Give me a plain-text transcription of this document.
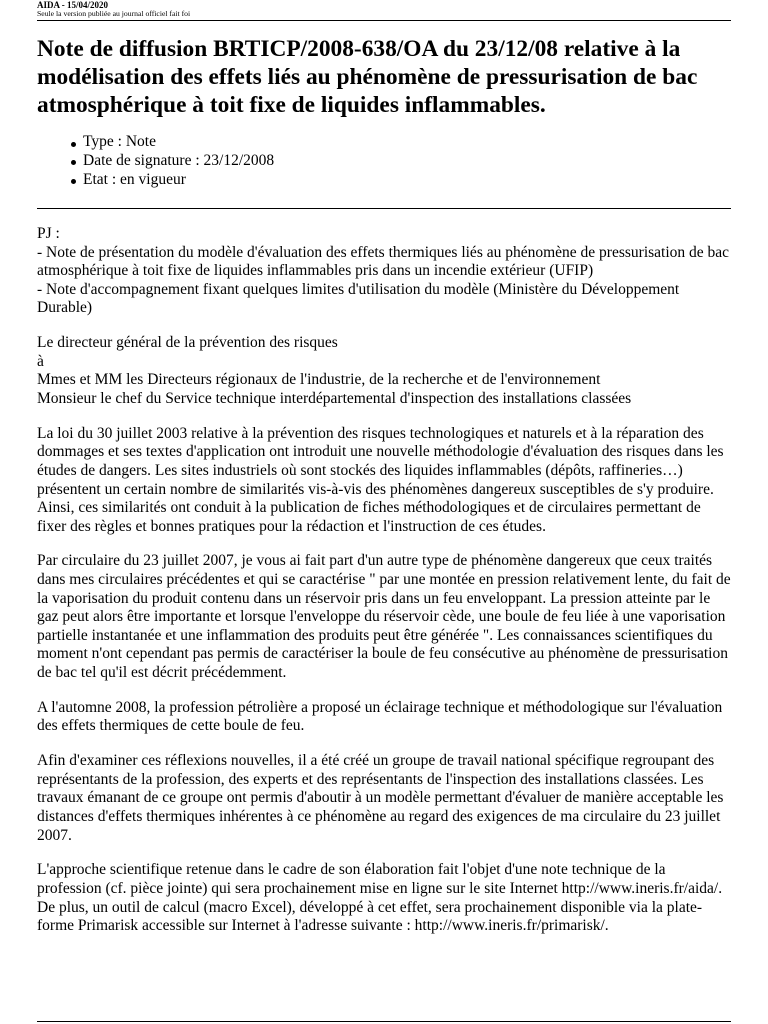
AIDA - 15/04/2020
Seule la version publiée au journal officiel fait foi
Note de diffusion BRTICP/2008-638/OA du 23/12/08 relative à la modélisation des effets liés au phénomène de pressurisation de bac atmosphérique à toit fixe de liquides inflammables.
Type : Note
Date de signature : 23/12/2008
Etat : en vigueur
PJ :
- Note de présentation du modèle d'évaluation des effets thermiques liés au phénomène de pressurisation de bac
atmosphérique à toit fixe de liquides inflammables pris dans un incendie extérieur (UFIP)
- Note d'accompagnement fixant quelques limites d'utilisation du modèle (Ministère du Développement
Durable)
Le directeur général de la prévention des risques
à
Mmes et MM les Directeurs régionaux de l'industrie, de la recherche et de l'environnement
Monsieur le chef du Service technique interdépartemental d'inspection des installations classées
La loi du 30 juillet 2003 relative à la prévention des risques technologiques et naturels et à la réparation des
dommages et ses textes d'application ont introduit une nouvelle méthodologie d'évaluation des risques dans les
études de dangers. Les sites industriels où sont stockés des liquides inflammables (dépôts, raffineries…)
présentent un certain nombre de similarités vis-à-vis des phénomènes dangereux susceptibles de s'y produire.
Ainsi, ces similarités ont conduit à la publication de fiches méthodologiques et de circulaires permettant de
fixer des règles et bonnes pratiques pour la rédaction et l'instruction de ces études.
Par circulaire du 23 juillet 2007, je vous ai fait part d'un autre type de phénomène dangereux que ceux traités
dans mes circulaires précédentes et qui se caractérise " par une montée en pression relativement lente, du fait de
la vaporisation du produit contenu dans un réservoir pris dans un feu enveloppant. La pression atteinte par le
gaz peut alors être importante et lorsque l'enveloppe du réservoir cède, une boule de feu liée à une vaporisation
partielle instantanée et une inflammation des produits peut être générée ". Les connaissances scientifiques du
moment n'ont cependant pas permis de caractériser la boule de feu consécutive au phénomène de pressurisation
de bac tel qu'il est décrit précédemment.
A l'automne 2008, la profession pétrolière a proposé un éclairage technique et méthodologique sur l'évaluation
des effets thermiques de cette boule de feu.
Afin d'examiner ces réflexions nouvelles, il a été créé un groupe de travail national spécifique regroupant des
représentants de la profession, des experts et des représentants de l'inspection des installations classées. Les
travaux émanant de ce groupe ont permis d'aboutir à un modèle permettant d'évaluer de manière acceptable les
distances d'effets thermiques inhérentes à ce phénomène au regard des exigences de ma circulaire du 23 juillet
2007.
L'approche scientifique retenue dans le cadre de son élaboration fait l'objet d'une note technique de la
profession (cf. pièce jointe) qui sera prochainement mise en ligne sur le site Internet http://www.ineris.fr/aida/.
De plus, un outil de calcul (macro Excel), développé à cet effet, sera prochainement disponible via la plate-
forme Primarisk accessible sur Internet à l'adresse suivante : http://www.ineris.fr/primarisk/.
